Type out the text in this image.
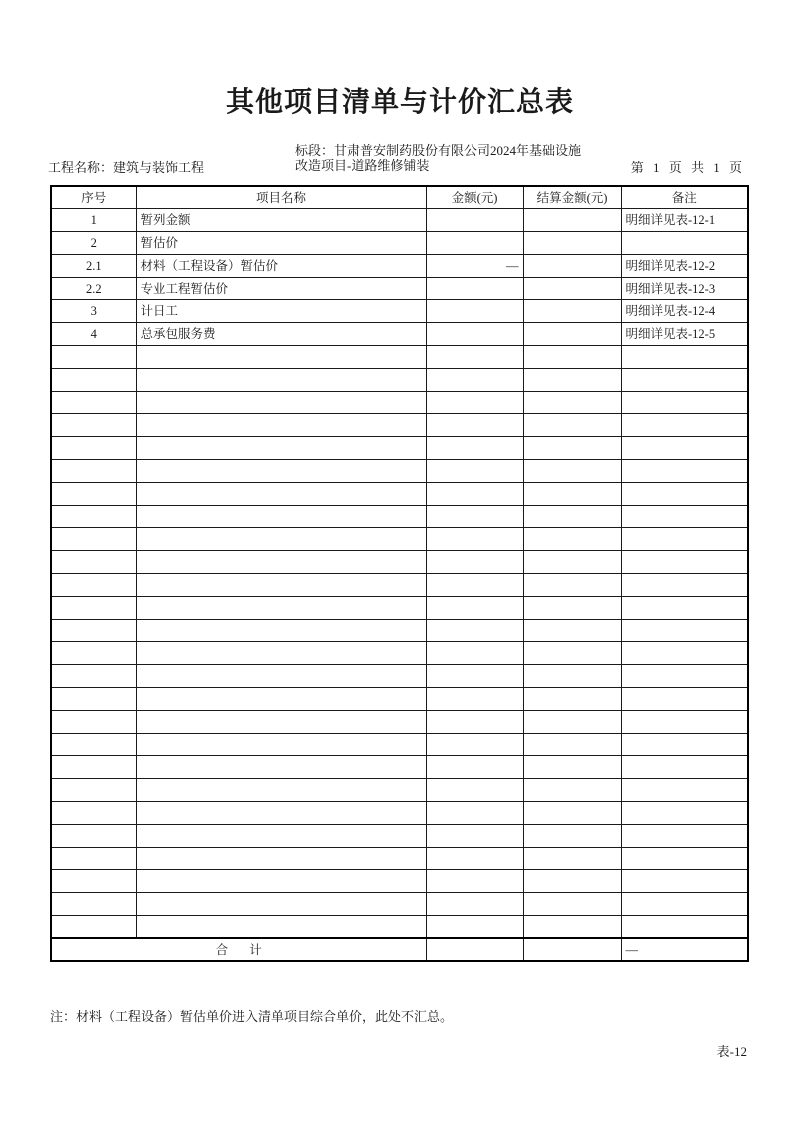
其他项目清单与计价汇总表
工程名称：建筑与装饰工程
标段：甘肃普安制药股份有限公司2024年基础设施
改造项目-道路维修铺装	第 1 页 共 1 页
序号	项目名称	金额(元)	结算金额(元)	备注
1	暂列金额			明细详见表-12-1
2	暂估价			
2.1	材料（工程设备）暂估价	—		明细详见表-12-2
2.2	专业工程暂估价			明细详见表-12-3
3	计日工			明细详见表-12-4
4	总承包服务费			明细详见表-12-5

合 计				—
注：材料（工程设备）暂估单价进入清单项目综合单价，此处不汇总。
表-12
